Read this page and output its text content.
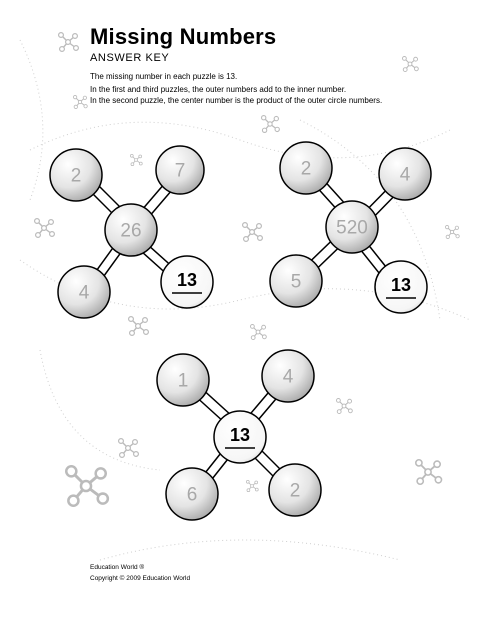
Missing Numbers
ANSWER KEY
The missing number in each puzzle is 13.
In the first and third puzzles, the outer numbers add to the inner number.
In the second puzzle, the center number is the product of the outer circle numbers.
2	7
4
26
13
2	4
5
520
13
1	4
6	2
13
Education World ®
Copyright © 2009 Education World
